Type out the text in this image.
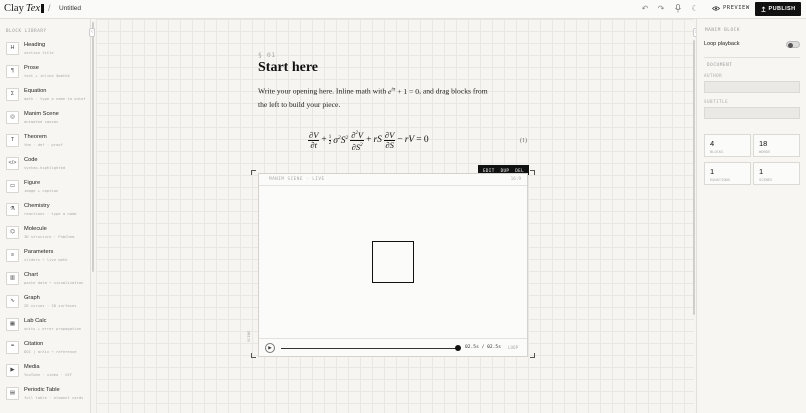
Clay Tex / Untitled	↶ ↷	☾	PREVIEW	PUBLISH
BLOCK LIBRARY
H	Heading
section title
¶	Prose
text + inline $math$
Σ	Equation
math · type a name to autof
◎	Manim Scene
animated canvas
T	Theorem
thm · def · proof
</>	Code
syntax-highlighted
▭	Figure
image + caption
⚗	Chemistry
reactions · type a name
⌬	Molecule
3D structure · PubChem
≡	Parameters
sliders → live math
▥	Chart
paste data → visualization
∿	Graph
2D curves · 3D surfaces
▦	Lab Calc
units + error propagation
❝	Citation
DOI | arXiv → reference
▶	Media
YouTube · video · GIF
▤	Periodic Table
full table · element cards
‹
§ 01
Start here
Write your opening here. Inline math with $e^{i\pi} + 1 = 0$, and drag blocks from
the left to build your piece.
$\frac{\partial V}{\partial t} + \frac{1}{2} \sigma^2S^2 \frac{\partial^2V}{\partial S^2}$ + rS $\frac{\partial V}{\partial S}$ − rV = 0	(1)
EDIT DUP DEL
SCENE
MANIM SCENE · LIVE	16:9
▶	02.5s / 02.5s LOOP
MANIM BLOCK
Loop playback
DOCUMENT
AUTHOR
SUBTITLE
4
BLOCKS
18
WORDS
1
EQUATIONS
1
SCENES
